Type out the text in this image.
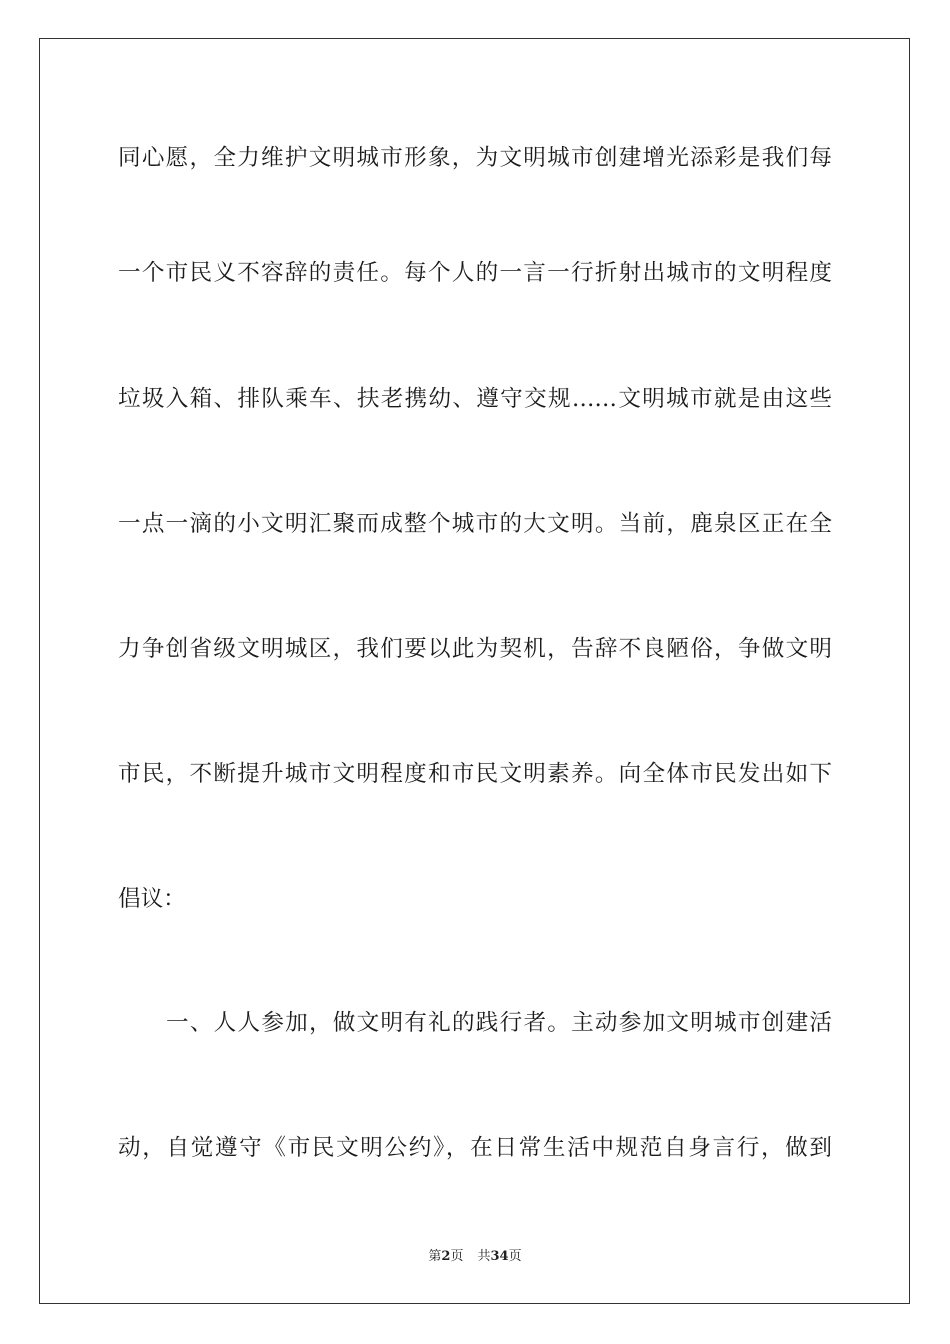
同心愿，全力维护文明城市形象，为文明城市创建增光添彩是我们每
一个市民义不容辞的责任。每个人的一言一行折射出城市的文明程度
垃圾入箱、排队乘车、扶老携幼、遵守交规……文明城市就是由这些
一点一滴的小文明汇聚而成整个城市的大文明。当前，鹿泉区正在全
力争创省级文明城区，我们要以此为契机，告辞不良陋俗，争做文明
市民，不断提升城市文明程度和市民文明素养。向全体市民发出如下
倡议：
一、人人参加，做文明有礼的践行者。主动参加文明城市创建活
动，自觉遵守《市民文明公约》，在日常生活中规范自身言行，做到
第2页 共34页
